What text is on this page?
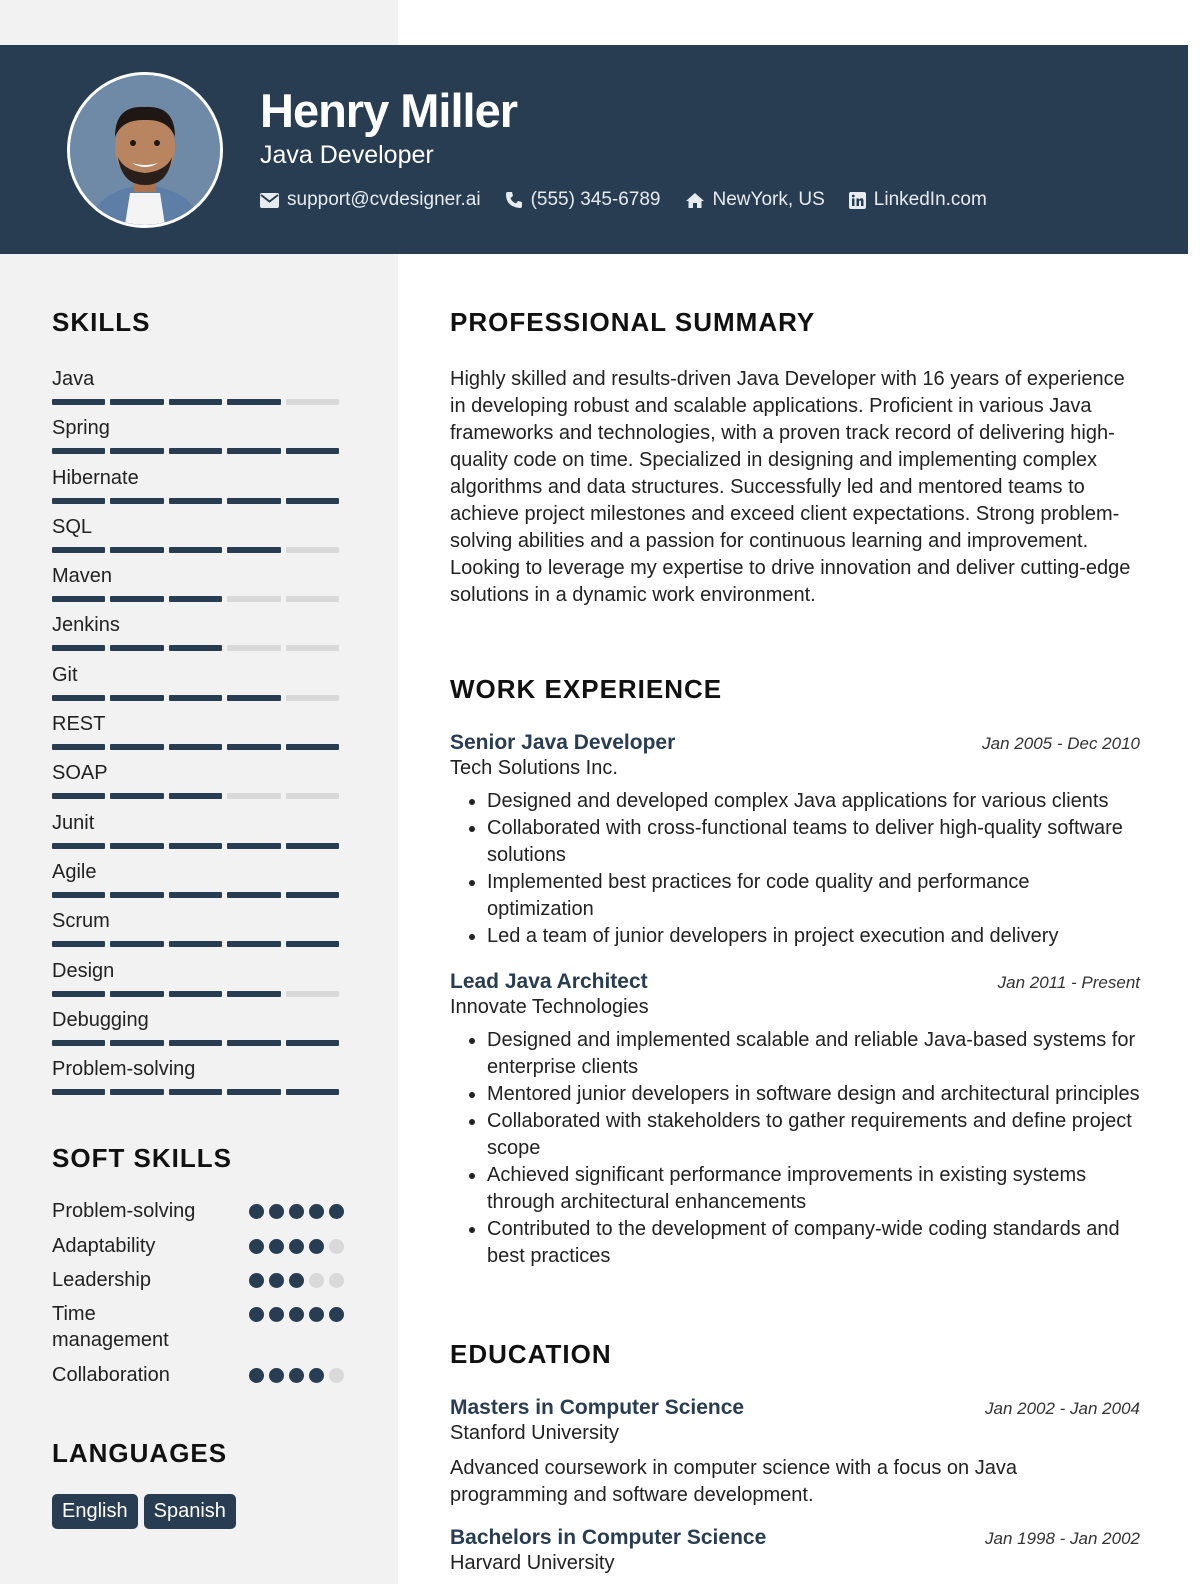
Henry Miller
Java Developer
support@cvdesigner.ai	(555) 345-6789	NewYork, US	LinkedIn.com
SKILLS
Java
Spring
Hibernate
SQL
Maven
Jenkins
Git
REST
SOAP
Junit
Agile
Scrum
Design
Debugging
Problem-solving
SOFT SKILLS
Problem-solving
Adaptability
Leadership
Time management
Collaboration
LANGUAGES
English	Spanish
PROFESSIONAL SUMMARY
Highly skilled and results-driven Java Developer with 16 years of experience in developing robust and scalable applications. Proficient in various Java frameworks and technologies, with a proven track record of delivering high-quality code on time. Specialized in designing and implementing complex algorithms and data structures. Successfully led and mentored teams to achieve project milestones and exceed client expectations. Strong problem-solving abilities and a passion for continuous learning and improvement. Looking to leverage my expertise to drive innovation and deliver cutting-edge solutions in a dynamic work environment.
WORK EXPERIENCE
Senior Java Developer	Jan 2005 - Dec 2010
Tech Solutions Inc.
• Designed and developed complex Java applications for various clients
• Collaborated with cross-functional teams to deliver high-quality software solutions
• Implemented best practices for code quality and performance optimization
• Led a team of junior developers in project execution and delivery
Lead Java Architect	Jan 2011 - Present
Innovate Technologies
• Designed and implemented scalable and reliable Java-based systems for enterprise clients
• Mentored junior developers in software design and architectural principles
• Collaborated with stakeholders to gather requirements and define project scope
• Achieved significant performance improvements in existing systems through architectural enhancements
• Contributed to the development of company-wide coding standards and best practices
EDUCATION
Masters in Computer Science	Jan 2002 - Jan 2004
Stanford University
Advanced coursework in computer science with a focus on Java programming and software development.
Bachelors in Computer Science	Jan 1998 - Jan 2002
Harvard University
